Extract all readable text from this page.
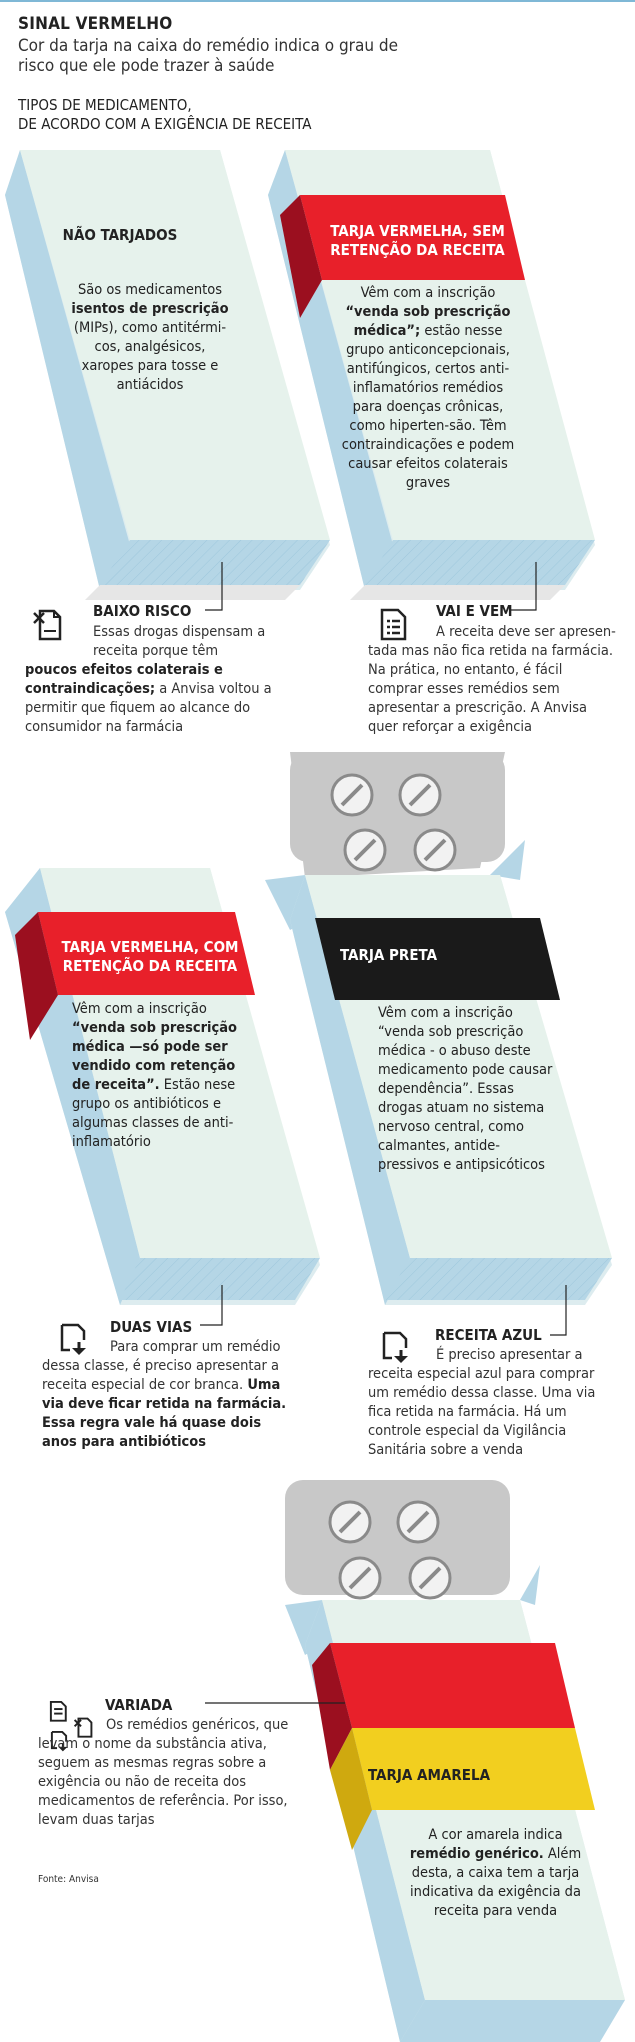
SINAL VERMELHO
Cor da tarja na caixa do remédio indica o grau de risco que ele pode trazer à saúde
TIPOS DE MEDICAMENTO,
DE ACORDO COM A EXIGÊNCIA DE RECEITA
NÃO TARJADOS
São os medicamentos isentos de prescrição (MIPs), como antitérmi-cos, analgésicos, xaropes para tosse e antiácidos
TARJA VERMELHA, SEM
RETENÇÃO DA RECEITA
Vêm com a inscrição “venda sob prescrição médica”; estão nesse grupo anticoncepcionais, antifúngicos, certos anti-inflamatórios remédios para doenças crônicas, como hiperten-são. Têm contraindicações e podem causar efeitos colaterais graves
TARJA VERMELHA, COM
RETENÇÃO DA RECEITA
Vêm com a inscrição “venda sob prescrição médica —só pode ser vendido com retenção de receita”. Estão nese grupo os antibióticos e algumas classes de anti-inflamatório
TARJA PRETA
Vêm com a inscrição “venda sob prescrição médica - o abuso deste medicamento pode causar dependência”. Essas drogas atuam no sistema nervoso central, como calmantes, antide-pressivos e antipsicóticos
TARJA AMARELA
A cor amarela indica remédio genérico. Além desta, a caixa tem a tarja indicativa da exigência da receita para venda
BAIXO RISCO
Essas drogas dispensam a receita porque têm
poucos efeitos colaterais e contraindicações; a Anvisa voltou a permitir que fiquem ao alcance do consumidor na farmácia
VAI E VEM
A receita deve ser apresen-tada mas não fica retida na farmácia. Na prática, no entanto, é fácil comprar esses remédios sem apresentar a prescrição. A Anvisa quer reforçar a exigência
DUAS VIAS
Para comprar um remédio dessa classe, é preciso apresentar a receita especial de cor branca. Uma via deve ficar retida na farmácia. Essa regra vale há quase dois anos para antibióticos
RECEITA AZUL
É preciso apresentar a receita especial azul para comprar um remédio dessa classe. Uma via fica retida na farmácia. Há um controle especial da Vigilância Sanitária sobre a venda
VARIADA
Os remédios genéricos, que levam o nome da substância ativa, seguem as mesmas regras sobre a exigência ou não de receita dos medicamentos de referência. Por isso, levam duas tarjas
Fonte: Anvisa
